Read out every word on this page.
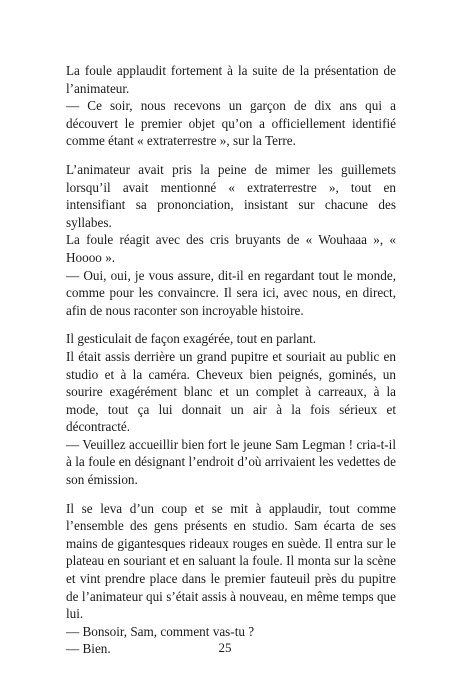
La foule applaudit fortement à la suite de la présentation de l’animateur.

— Ce soir, nous recevons un garçon de dix ans qui a découvert le premier objet qu’on a officiellement identifié comme étant « extraterrestre », sur la Terre.

L’animateur avait pris la peine de mimer les guillemets lorsqu’il avait mentionné « extraterrestre », tout en intensifiant sa prononciation, insistant sur chacune des syllabes.

La foule réagit avec des cris bruyants de « Wouhaaa », « Hoooo ».

— Oui, oui, je vous assure, dit-il en regardant tout le monde, comme pour les convaincre. Il sera ici, avec nous, en direct, afin de nous raconter son incroyable histoire.

Il gesticulait de façon exagérée, tout en parlant.

Il était assis derrière un grand pupitre et souriait au public en studio et à la caméra. Cheveux bien peignés, gominés, un sourire exagérément blanc et un complet à carreaux, à la mode, tout ça lui donnait un air à la fois sérieux et décontracté.

— Veuillez accueillir bien fort le jeune Sam Legman ! cria-t-il à la foule en désignant l’endroit d’où arrivaient les vedettes de son émission.

Il se leva d’un coup et se mit à applaudir, tout comme l’ensemble des gens présents en studio. Sam écarta de ses mains de gigantesques rideaux rouges en suède. Il entra sur le plateau en souriant et en saluant la foule. Il monta sur la scène et vint prendre place dans le premier fauteuil près du pupitre de l’animateur qui s’était assis à nouveau, en même temps que lui.

— Bonsoir, Sam, comment vas-tu ?

— Bien.	25
